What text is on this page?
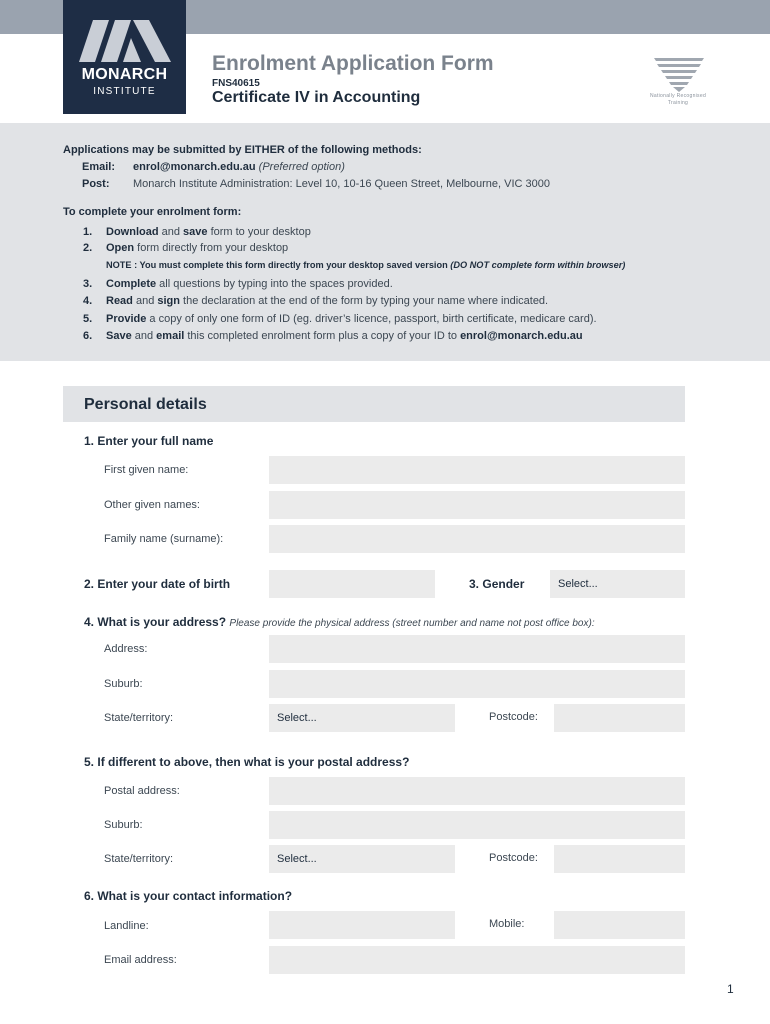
MONARCH
INSTITUTE
Enrolment Application Form
FNS40615
Certificate IV in Accounting	Nationally Recognised
Training
Applications may be submitted by EITHER of the following methods:
Email: enrol@monarch.edu.au (Preferred option)
Post: Monarch Institute Administration: Level 10, 10-16 Queen Street, Melbourne, VIC 3000
To complete your enrolment form:
1. Download and save form to your desktop
2. Open form directly from your desktop
NOTE : You must complete this form directly from your desktop saved version (DO NOT complete form within browser)
3. Complete all questions by typing into the spaces provided.
4. Read and sign the declaration at the end of the form by typing your name where indicated.
5. Provide a copy of only one form of ID (eg. driver’s licence, passport, birth certificate, medicare card).
6. Save and email this completed enrolment form plus a copy of your ID to enrol@monarch.edu.au
Personal details
1. Enter your full name
First given name:
Other given names:
Family name (surname):
2. Enter your date of birth	3. Gender	Select...
4. What is your address? Please provide the physical address (street number and name not post office box):
Address:
Suburb:
State/territory:	Select...	Postcode:
5. If different to above, then what is your postal address?
Postal address:
Suburb:
State/territory:	Select...	Postcode:
6. What is your contact information?
Landline:	Mobile:
Email address:
1
